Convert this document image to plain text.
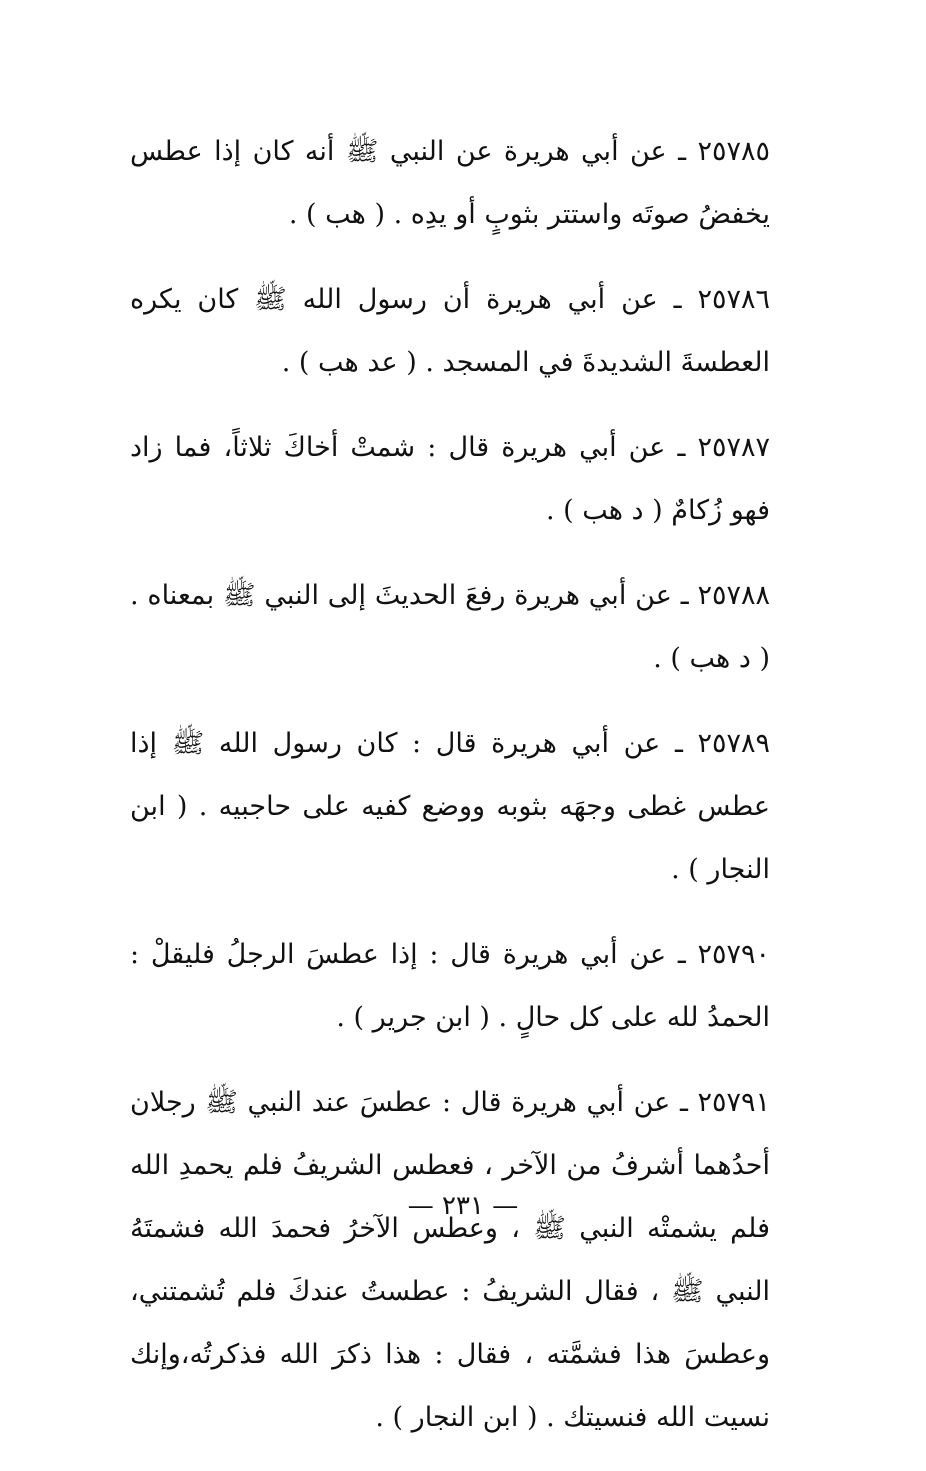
٢٥٧٨٥ ـ عن أبي هريرة عن النبي ﷺ أنه كان إذا عطس يخفضُ صوتَه واستتر بثوبٍ أو يدِه . ( هب ) .

٢٥٧٨٦ ـ عن أبي هريرة أن رسول الله ﷺ كان يكره العطسةَ الشديدةَ في المسجد . ( عد هب ) .

٢٥٧٨٧ ـ عن أبي هريرة قال : شمتْ أخاكَ ثلاثاً، فما زاد فهو زُكامٌ ( د هب ) .

٢٥٧٨٨ ـ عن أبي هريرة رفعَ الحديثَ إلى النبي ﷺ بمعناه . ( د هب ) .

٢٥٧٨٩ ـ عن أبي هريرة قال : كان رسول الله ﷺ إذا عطس غطى وجهَه بثوبه ووضع كفيه على حاجبيه . ( ابن النجار ) .

٢٥٧٩٠ ـ عن أبي هريرة قال : إذا عطسَ الرجلُ فليقلْ : الحمدُ لله على كل حالٍ . ( ابن جرير ) .

٢٥٧٩١ ـ عن أبي هريرة قال : عطسَ عند النبي ﷺ رجلان أحدُهما أشرفُ من الآخر ، فعطس الشريفُ فلم يحمدِ الله فلم يشمتْه النبي ﷺ ، وعطس الآخرُ فحمدَ الله فشمتَهُ النبي ﷺ ، فقال الشريفُ : عطستُ عندكَ فلم تُشمتني، وعطسَ هذا فشمَّته ، فقال : هذا ذكرَ الله فذكرتُه،وإنك نسيت الله فنسيتك . ( ابن النجار ) .

— ٢٣١ —
